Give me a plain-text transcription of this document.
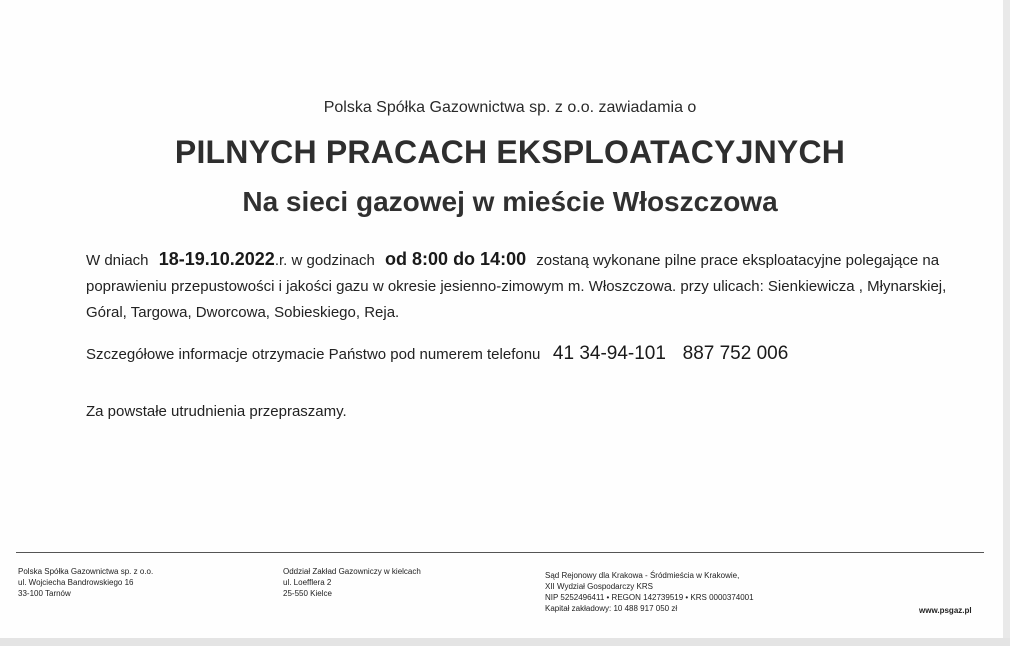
Polska Spółka Gazownictwa sp. z o.o. zawiadamia o
PILNYCH PRACACH EKSPLOATACYJNYCH
Na sieci gazowej w mieście Włoszczowa
W dniach 18-19.10.2022.r. w godzinach od 8:00 do 14:00 zostaną wykonane pilne prace eksploatacyjne polegające na poprawieniu przepustowości i jakości gazu w okresie jesienno-zimowym m. Włoszczowa. przy ulicach: Sienkiewicza , Młynarskiej, Góral, Targowa, Dworcowa, Sobieskiego, Reja.
Szczegółowe informacje otrzymacie Państwo pod numerem telefonu 41 34-94-101 887 752 006
Za powstałe utrudnienia przepraszamy.
Polska Spółka Gazownictwa sp. z o.o.
ul. Wojciecha Bandrowskiego 16
33-100 Tarnów
Oddział Zakład Gazowniczy w kielcach
ul. Loefflera 2
25-550 Kielce
Sąd Rejonowy dla Krakowa - Śródmieścia w Krakowie,
XII Wydział Gospodarczy KRS
NIP 5252496411 • REGON 142739519 • KRS 0000374001
Kapitał zakładowy: 10 488 917 050 zł	www.psgaz.pl
